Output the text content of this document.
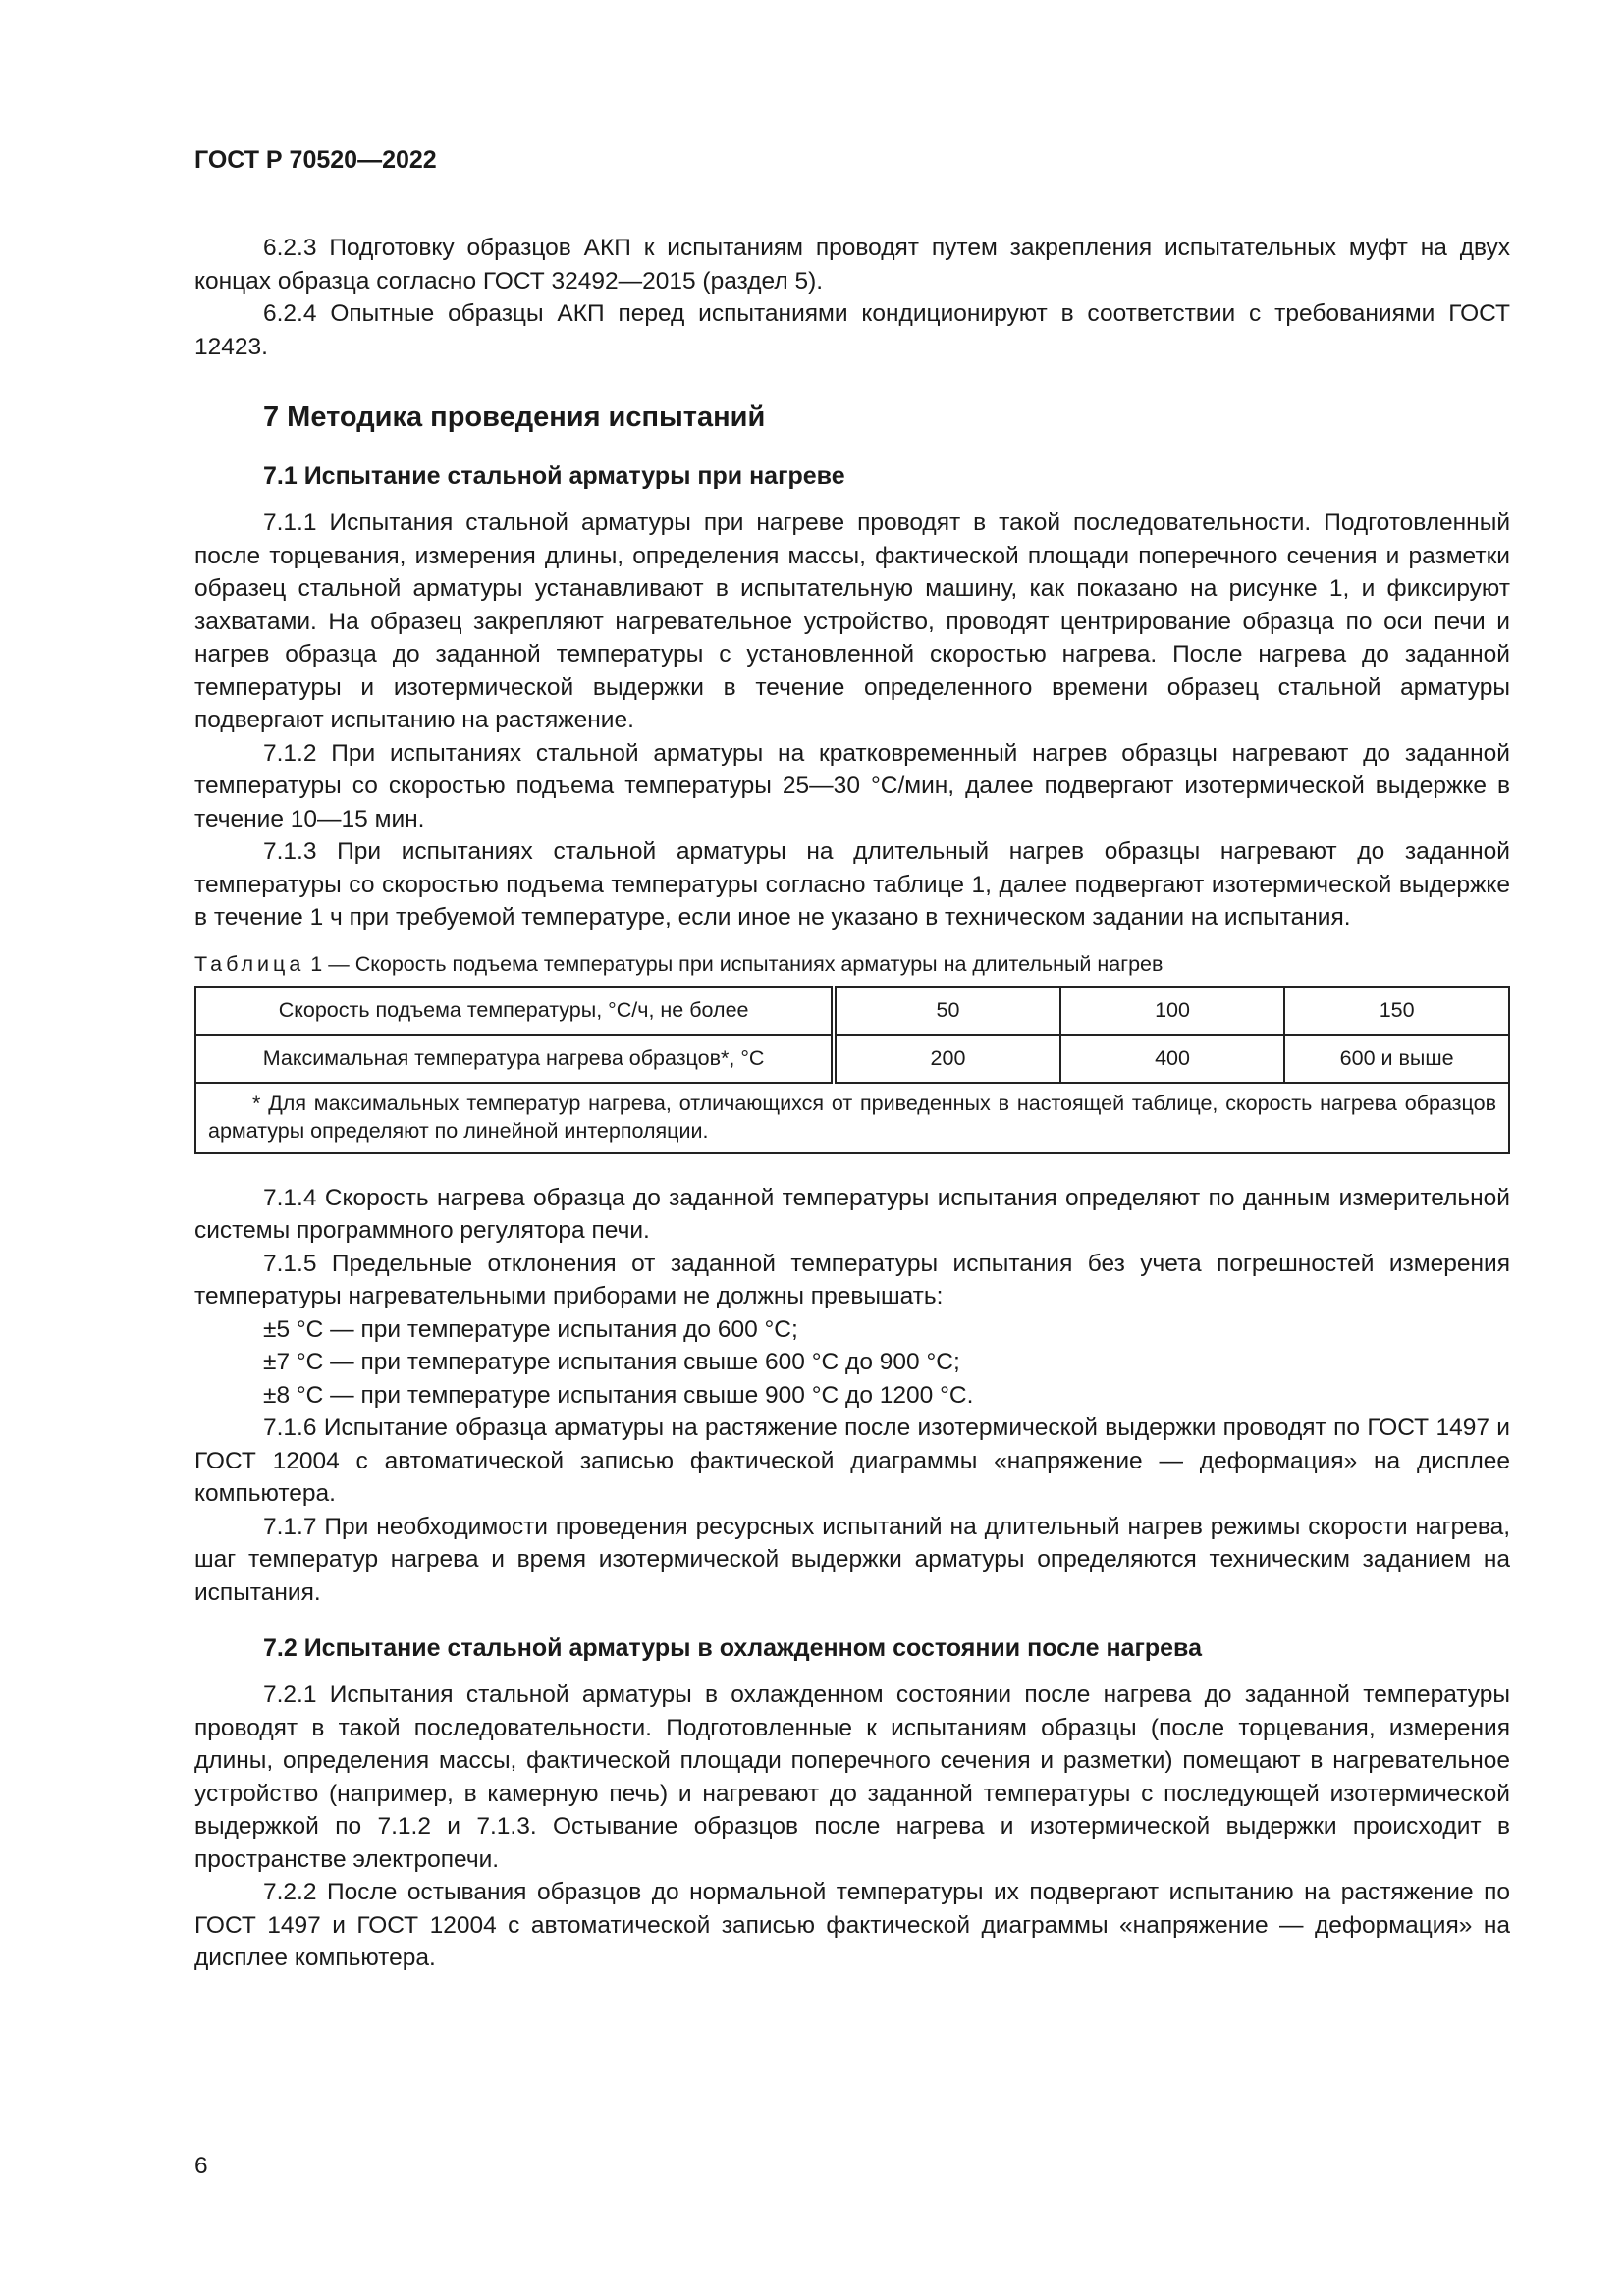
ГОСТ Р 70520—2022

6.2.3 Подготовку образцов АКП к испытаниям проводят путем закрепления испытательных муфт на двух концах образца согласно ГОСТ 32492—2015 (раздел 5).

6.2.4 Опытные образцы АКП перед испытаниями кондиционируют в соответствии с требованиями ГОСТ 12423.

7 Методика проведения испытаний
7.1 Испытание стальной арматуры при нагреве

7.1.1 Испытания стальной арматуры при нагреве проводят в такой последовательности. Подготовленный после торцевания, измерения длины, определения массы, фактической площади поперечного сечения и разметки образец стальной арматуры устанавливают в испытательную машину, как показано на рисунке 1, и фиксируют захватами. На образец закрепляют нагревательное устройство, проводят центрирование образца по оси печи и нагрев образца до заданной температуры с установленной скоростью нагрева. После нагрева до заданной температуры и изотермической выдержки в течение определенного времени образец стальной арматуры подвергают испытанию на растяжение.

7.1.2 При испытаниях стальной арматуры на кратковременный нагрев образцы нагревают до заданной температуры со скоростью подъема температуры 25—30 °С/мин, далее подвергают изотермической выдержке в течение 10—15 мин.

7.1.3 При испытаниях стальной арматуры на длительный нагрев образцы нагревают до заданной температуры со скоростью подъема температуры согласно таблице 1, далее подвергают изотермической выдержке в течение 1 ч при требуемой температуре, если иное не указано в техническом задании на испытания.

Таблица 1 — Скорость подъема температуры при испытаниях арматуры на длительный нагрев
Скорость подъема температуры, °С/ч, не более	50	100	150
Максимальная температура нагрева образцов*, °С	200	400	600 и выше
* Для максимальных температур нагрева, отличающихся от приведенных в настоящей таблице, скорость нагрева образцов арматуры определяют по линейной интерполяции.			

7.1.4 Скорость нагрева образца до заданной температуры испытания определяют по данным измерительной системы программного регулятора печи.

7.1.5 Предельные отклонения от заданной температуры испытания без учета погрешностей измерения температуры нагревательными приборами не должны превышать:

±5 °С — при температуре испытания до 600 °С;

±7 °С — при температуре испытания свыше 600 °С до 900 °С;

±8 °С — при температуре испытания свыше 900 °С до 1200 °С.

7.1.6 Испытание образца арматуры на растяжение после изотермической выдержки проводят по ГОСТ 1497 и ГОСТ 12004 с автоматической записью фактической диаграммы «напряжение — деформация» на дисплее компьютера.

7.1.7 При необходимости проведения ресурсных испытаний на длительный нагрев режимы скорости нагрева, шаг температур нагрева и время изотермической выдержки арматуры определяются техническим заданием на испытания.

7.2 Испытание стальной арматуры в охлажденном состоянии после нагрева

7.2.1 Испытания стальной арматуры в охлажденном состоянии после нагрева до заданной температуры проводят в такой последовательности. Подготовленные к испытаниям образцы (после торцевания, измерения длины, определения массы, фактической площади поперечного сечения и разметки) помещают в нагревательное устройство (например, в камерную печь) и нагревают до заданной температуры с последующей изотермической выдержкой по 7.1.2 и 7.1.3. Остывание образцов после нагрева и изотермической выдержки происходит в пространстве электропечи.

7.2.2 После остывания образцов до нормальной температуры их подвергают испытанию на растяжение по ГОСТ 1497 и ГОСТ 12004 с автоматической записью фактической диаграммы «напряжение — деформация» на дисплее компьютера.

6
